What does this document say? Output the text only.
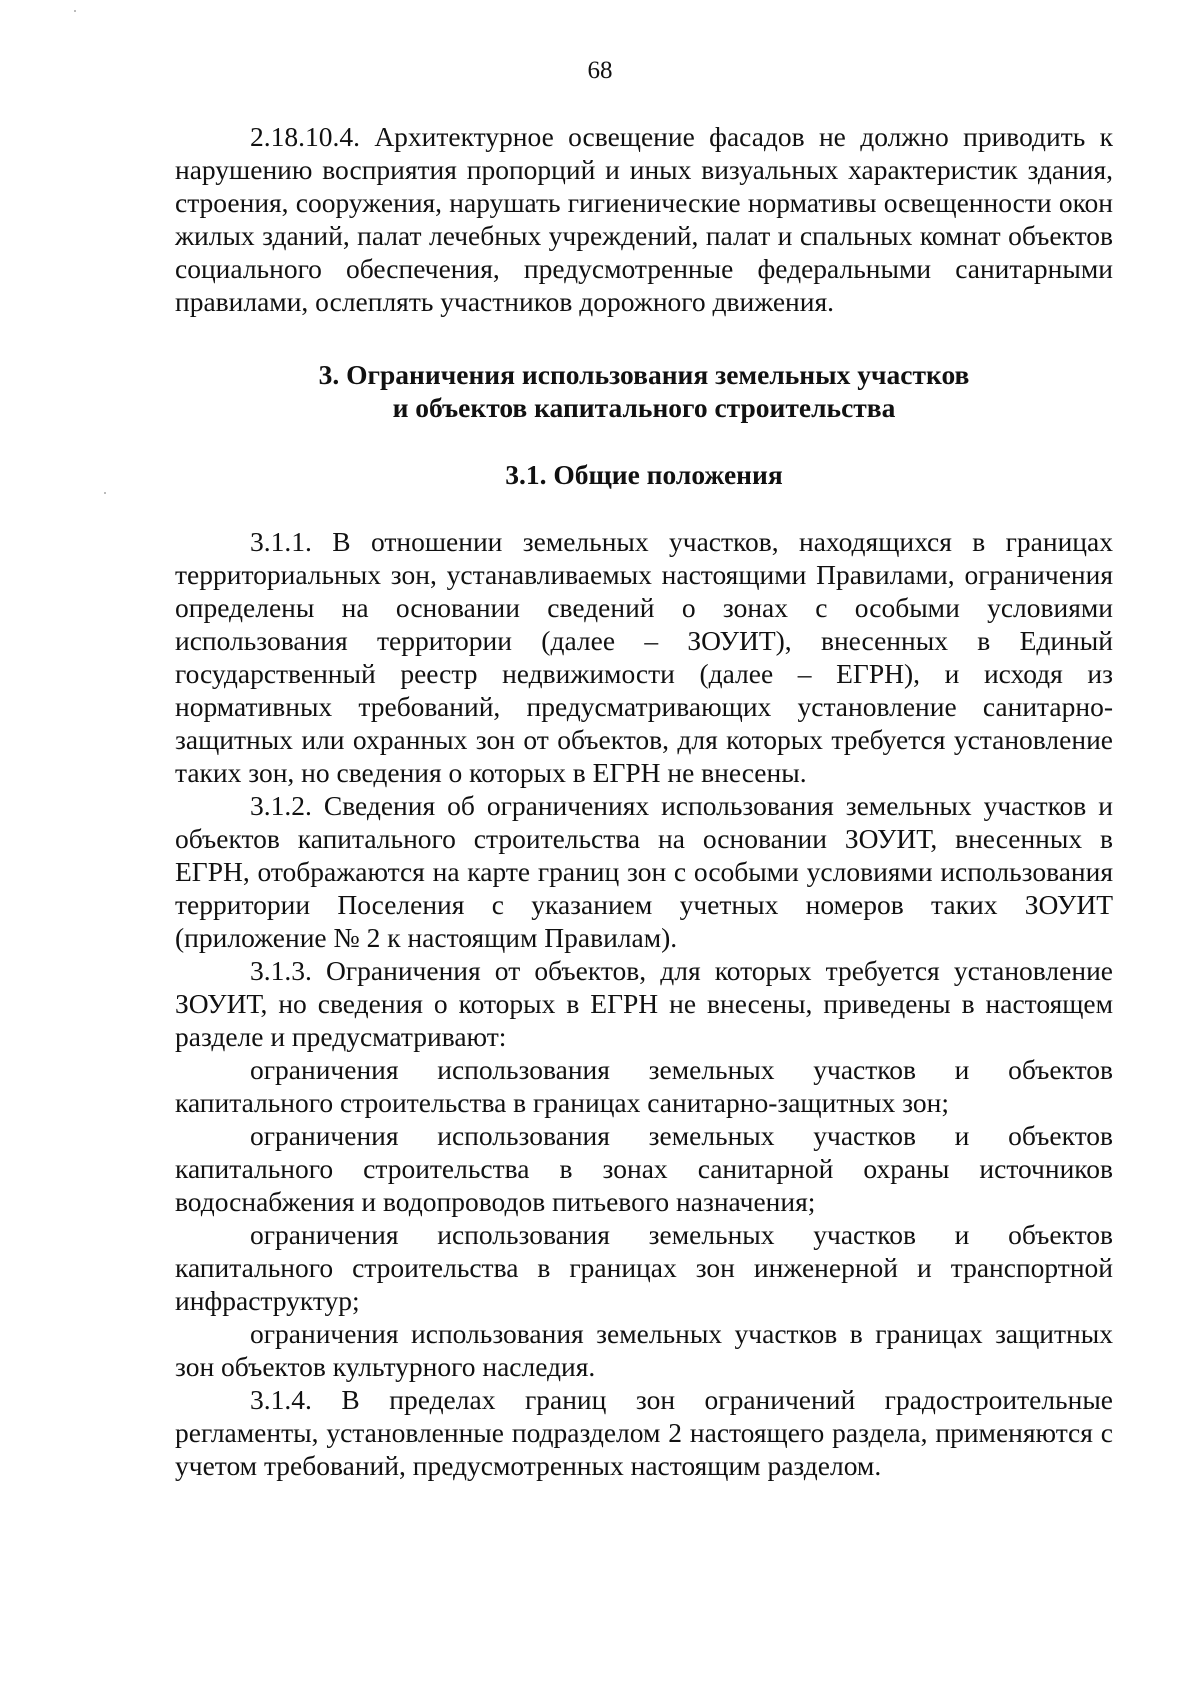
68

2.18.10.4. Архитектурное освещение фасадов не должно приводить к нарушению восприятия пропорций и иных визуальных характеристик здания, строения, сооружения, нарушать гигиенические нормативы освещенности окон жилых зданий, палат лечебных учреждений, палат и спальных комнат объектов социального обеспечения, предусмотренные федеральными санитарными правилами, ослеплять участников дорожного движения.

3. Ограничения использования земельных участков
и объектов капитального строительства
3.1. Общие положения

3.1.1. В отношении земельных участков, находящихся в границах территориальных зон, устанавливаемых настоящими Правилами, ограничения определены на основании сведений о зонах с особыми условиями использования территории (далее – ЗОУИТ), внесенных в Единый государственный реестр недвижимости (далее – ЕГРН), и исходя из нормативных требований, предусматривающих установление санитарно-защитных или охранных зон от объектов, для которых требуется установление таких зон, но сведения о которых в ЕГРН не внесены.

3.1.2. Сведения об ограничениях использования земельных участков и объектов капитального строительства на основании ЗОУИТ, внесенных в ЕГРН, отображаются на карте границ зон с особыми условиями использования территории Поселения с указанием учетных номеров таких ЗОУИТ (приложение № 2 к настоящим Правилам).

3.1.3. Ограничения от объектов, для которых требуется установление ЗОУИТ, но сведения о которых в ЕГРН не внесены, приведены в настоящем разделе и предусматривают:

ограничения использования земельных участков и объектов капитального строительства в границах санитарно-защитных зон;

ограничения использования земельных участков и объектов капитального строительства в зонах санитарной охраны источников водоснабжения и водопроводов питьевого назначения;

ограничения использования земельных участков и объектов капитального строительства в границах зон инженерной и транспортной инфраструктур;

ограничения использования земельных участков в границах защитных зон объектов культурного наследия.

3.1.4. В пределах границ зон ограничений градостроительные регламенты, установленные подразделом 2 настоящего раздела, применяются с учетом требований, предусмотренных настоящим разделом.
